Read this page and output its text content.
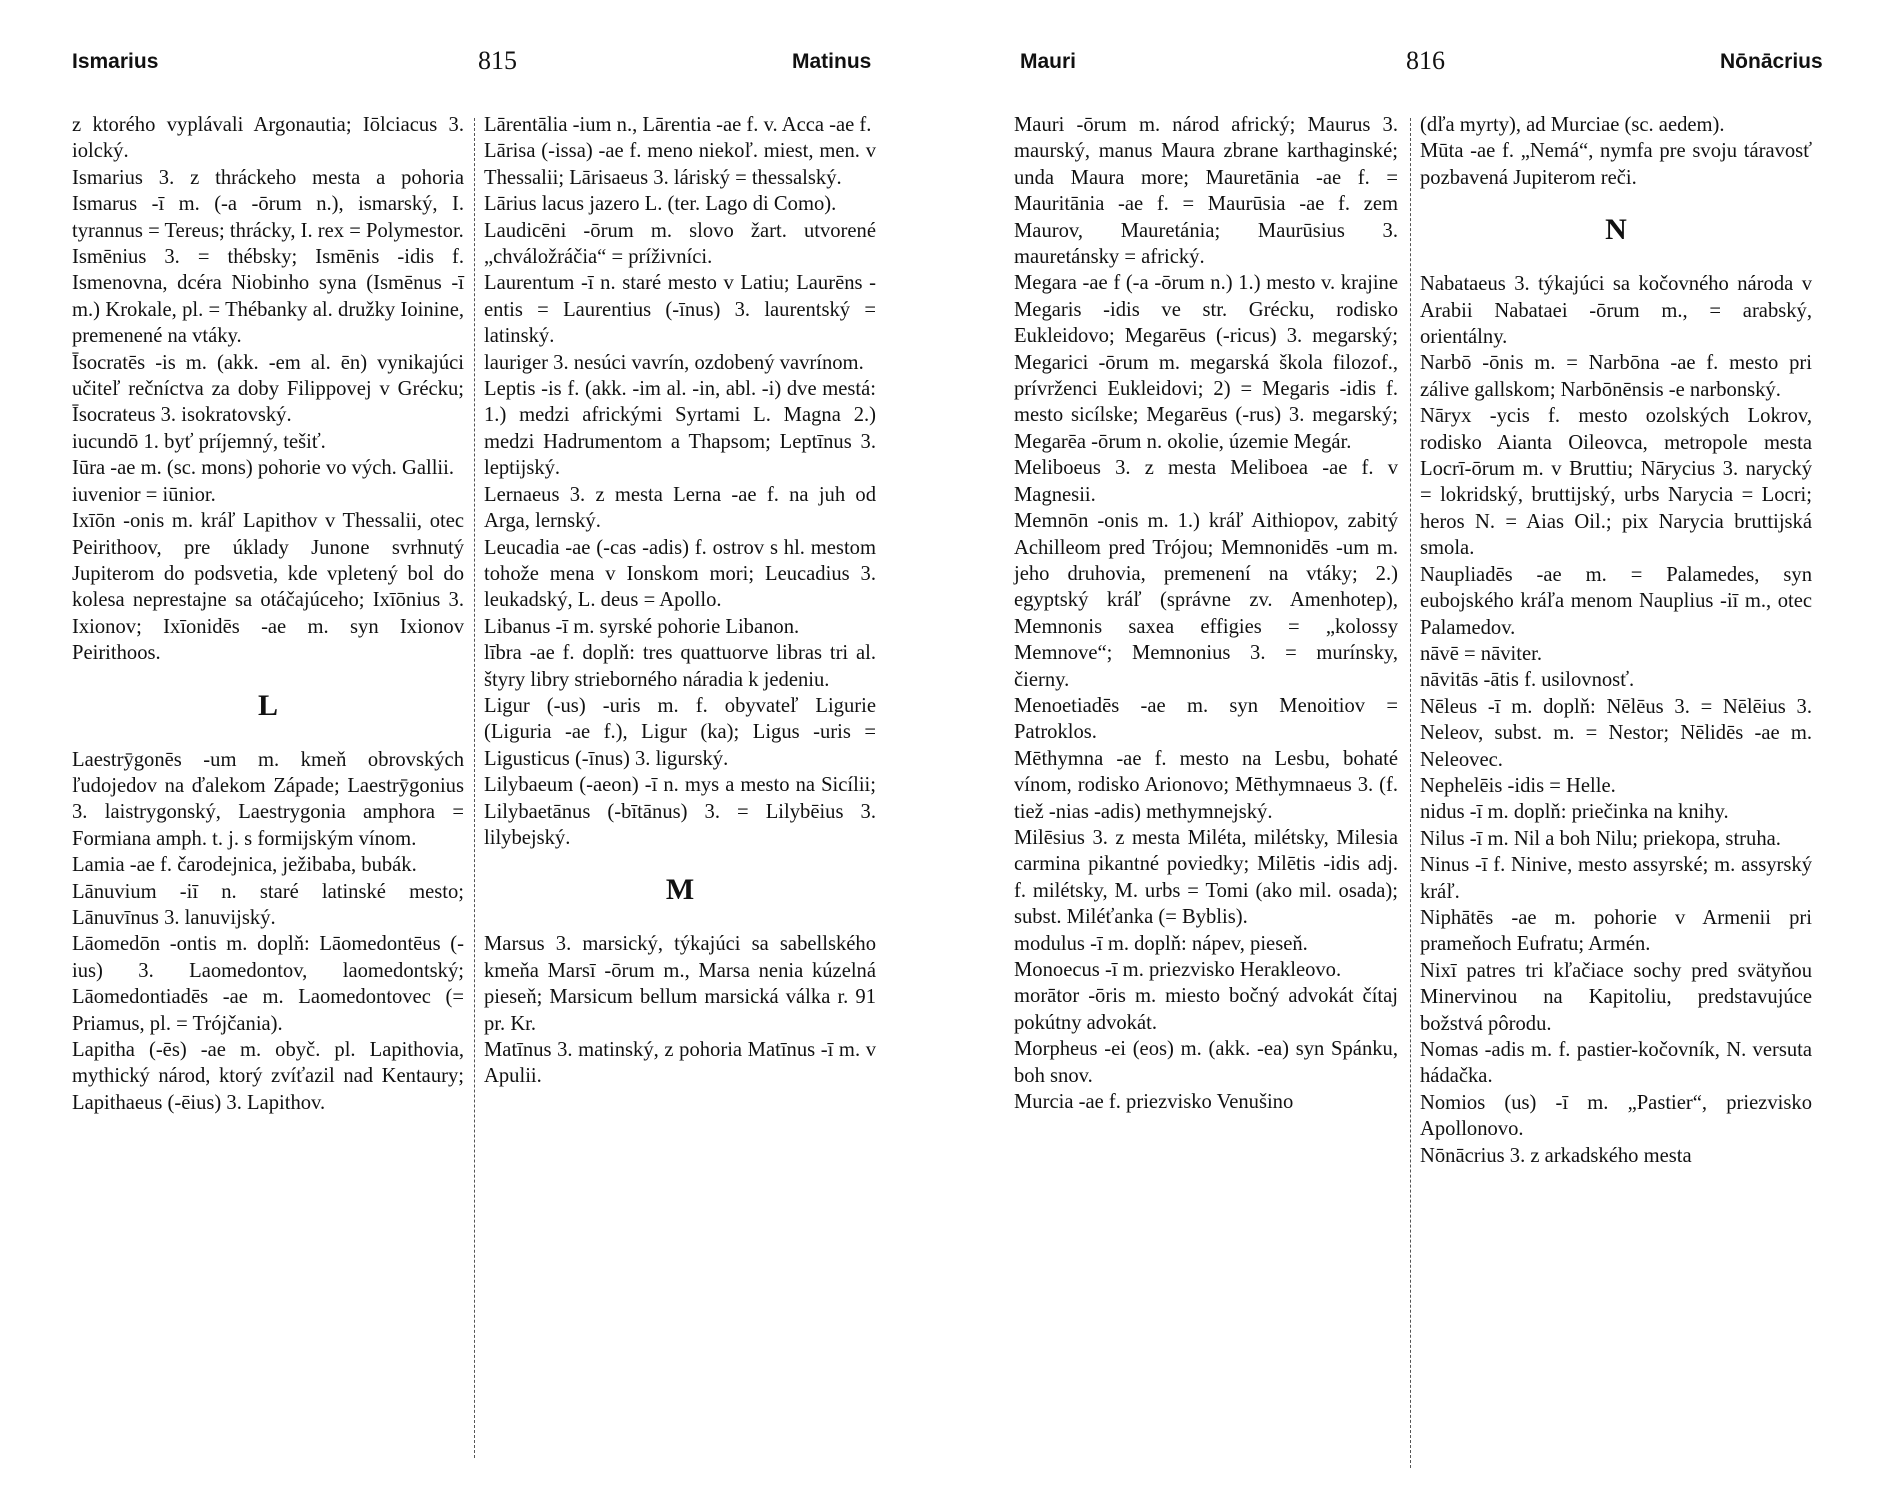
Ismarius	815	Matinus

z ktorého vyplávali Argonautia; Iōlciacus 3. iolcký.

Ismarius 3. z thráckeho mesta a pohoria Ismarus -ī m. (-a -ōrum n.), ismarský, I. tyrannus = Tereus; thrácky, I. rex = Polymestor.

Ismēnius 3. = thébsky; Ismēnis -idis f. Ismenovna, dcéra Niobinho syna (Ismēnus -ī m.) Krokale, pl. = Thébanky al. družky Ioinine, premenené na vtáky.

Īsocratēs -is m. (akk. -em al. ēn) vynikajúci učiteľ rečníctva za doby Filippovej v Grécku; Īsocrateus 3. isokratovský.

iucundō 1. byť príjemný, tešiť.

Iūra -ae m. (sc. mons) pohorie vo vých. Gallii.

iuvenior = iūnior.

Ixīōn -onis m. kráľ Lapithov v Thessalii, otec Peirithoov, pre úklady Junone svrhnutý Jupiterom do podsvetia, kde vpletený bol do kolesa neprestajne sa otáčajúceho; Ixīōnius 3. Ixionov; Ixīonidēs -ae m. syn Ixionov Peirithoos.

L

Laestrȳgonēs -um m. kmeň obrovských ľudojedov na ďalekom Západe; Laestrȳgonius 3. laistrygonský, Laestrygonia amphora = Formiana amph. t. j. s formijským vínom.

Lamia -ae f. čarodejnica, ježibaba, bubák.

Lānuvium -iī n. staré latinské mesto; Lānuvīnus 3. lanuvijský.

Lāomedōn -ontis m. doplň: Lāomedontēus (-ius) 3. Laomedontov, laomedontský; Lāomedontiadēs -ae m. Laomedontovec (= Priamus, pl. = Trójčania).

Lapitha (-ēs) -ae m. obyč. pl. Lapithovia, mythický národ, ktorý zvíťazil nad Kentaury; Lapithaeus (-ēius) 3. Lapithov.

Lārentālia -ium n., Lārentia -ae f. v. Acca -ae f.

Lārisa (-issa) -ae f. meno niekoľ. miest, men. v Thessalii; Lārisaeus 3. láriský = thessalský.

Lārius lacus jazero L. (ter. Lago di Como).

Laudicēni -ōrum m. slovo žart. utvorené „chváložráčia“ = príživníci.

Laurentum -ī n. staré mesto v Latiu; Laurēns -entis = Laurentius (-īnus) 3. laurentský = latinský.

lauriger 3. nesúci vavrín, ozdobený vavrínom.

Leptis -is f. (akk. -im al. -in, abl. -i) dve mestá: 1.) medzi africkými Syrtami L. Magna 2.) medzi Hadrumentom a Thapsom; Leptīnus 3. leptijský.

Lernaeus 3. z mesta Lerna -ae f. na juh od Arga, lernský.

Leucadia -ae (-cas -adis) f. ostrov s hl. mestom tohože mena v Ionskom mori; Leucadius 3. leukadský, L. deus = Apollo.

Libanus -ī m. syrské pohorie Libanon.

lībra -ae f. doplň: tres quattuorve libras tri al. štyry libry strieborného náradia k jedeniu.

Ligur (-us) -uris m. f. obyvateľ Ligurie (Liguria -ae f.), Ligur (ka); Ligus -uris = Ligusticus (-īnus) 3. ligurský.

Lilybaeum (-aeon) -ī n. mys a mesto na Sicílii; Lilybaetānus (-bītānus) 3. = Lilybēius 3. lilybejský.

M

Marsus 3. marsický, týkajúci sa sabellského kmeňa Marsī -ōrum m., Marsa nenia kúzelná pieseň; Marsicum bellum marsická válka r. 91 pr. Kr.

Matīnus 3. matinský, z pohoria Matīnus -ī m. v Apulii.

Mauri	816	Nōnācrius

Mauri -ōrum m. národ africký; Maurus 3. maurský, manus Maura zbrane karthaginské; unda Maura more; Mauretānia -ae f. = Mauritānia -ae f. = Maurūsia -ae f. zem Maurov, Mauretánia; Maurūsius 3. mauretánsky = africký.

Megara -ae f (-a -ōrum n.) 1.) mesto v. krajine Megaris -idis ve str. Grécku, rodisko Eukleidovo; Megarēus (-ricus) 3. megarský; Megarici -ōrum m. megarská škola filozof., prívrženci Eukleidovi; 2) = Megaris -idis f. mesto sicílske; Megarēus (-rus) 3. megarský; Megarēa -ōrum n. okolie, územie Megár.

Meliboeus 3. z mesta Meliboea -ae f. v Magnesii.

Memnōn -onis m. 1.) kráľ Aithiopov, zabitý Achilleom pred Trójou; Memnonidēs -um m. jeho druhovia, premenení na vtáky; 2.) egyptský kráľ (správne zv. Amenhotep), Memnonis saxea effigies = „kolossy Memnove“; Memnonius 3. = murínsky, čierny.

Menoetiadēs -ae m. syn Menoitiov = Patroklos.

Mēthymna -ae f. mesto na Lesbu, bohaté vínom, rodisko Arionovo; Mēthymnaeus 3. (f. tiež -nias -adis) methymnejský.

Milēsius 3. z mesta Miléta, milétsky, Milesia carmina pikantné poviedky; Milētis -idis adj. f. milétsky, M. urbs = Tomi (ako mil. osada); subst. Miléťanka (= Byblis).

modulus -ī m. doplň: nápev, pieseň.

Monoecus -ī m. priezvisko Herakleovo.

morātor -ōris m. miesto bočný advokát čítaj pokútny advokát.

Morpheus -ei (eos) m. (akk. -ea) syn Spánku, boh snov.

Murcia -ae f. priezvisko Venušino

(dľa myrty), ad Murciae (sc. aedem).

Mūta -ae f. „Nemá“, nymfa pre svoju táravosť pozbavená Jupiterom reči.

N

Nabataeus 3. týkajúci sa kočovného národa v Arabii Nabataei -ōrum m., = arabský, orientálny.

Narbō -ōnis m. = Narbōna -ae f. mesto pri zálive gallskom; Narbōnēnsis -e narbonský.

Nāryx -ycis f. mesto ozolských Lokrov, rodisko Aianta Oileovca, metropole mesta Locrī-ōrum m. v Bruttiu; Nārycius 3. narycký = lokridský, bruttijský, urbs Narycia = Locri; heros N. = Aias Oil.; pix Narycia bruttijská smola.

Naupliadēs -ae m. = Palamedes, syn eubojského kráľa menom Nauplius -iī m., otec Palamedov.

nāvē = nāviter.

nāvitās -ātis f. usilovnosť.

Nēleus -ī m. doplň: Nēlēus 3. = Nēlēius 3. Neleov, subst. m. = Nestor; Nēlidēs -ae m. Neleovec.

Nephelēis -idis = Helle.

nidus -ī m. doplň: priečinka na knihy.

Nilus -ī m. Nil a boh Nilu; priekopa, struha.

Ninus -ī f. Ninive, mesto assyrské; m. assyrský kráľ.

Niphātēs -ae m. pohorie v Armenii pri prameňoch Eufratu; Armén.

Nixī patres tri kľačiace sochy pred svätyňou Minervinou na Kapitoliu, predstavujúce božstvá pôrodu.

Nomas -adis m. f. pastier-kočovník, N. versuta hádačka.

Nomios (us) -ī m. „Pastier“, priezvisko Apollonovo.

Nōnācrius 3. z arkadského mesta
